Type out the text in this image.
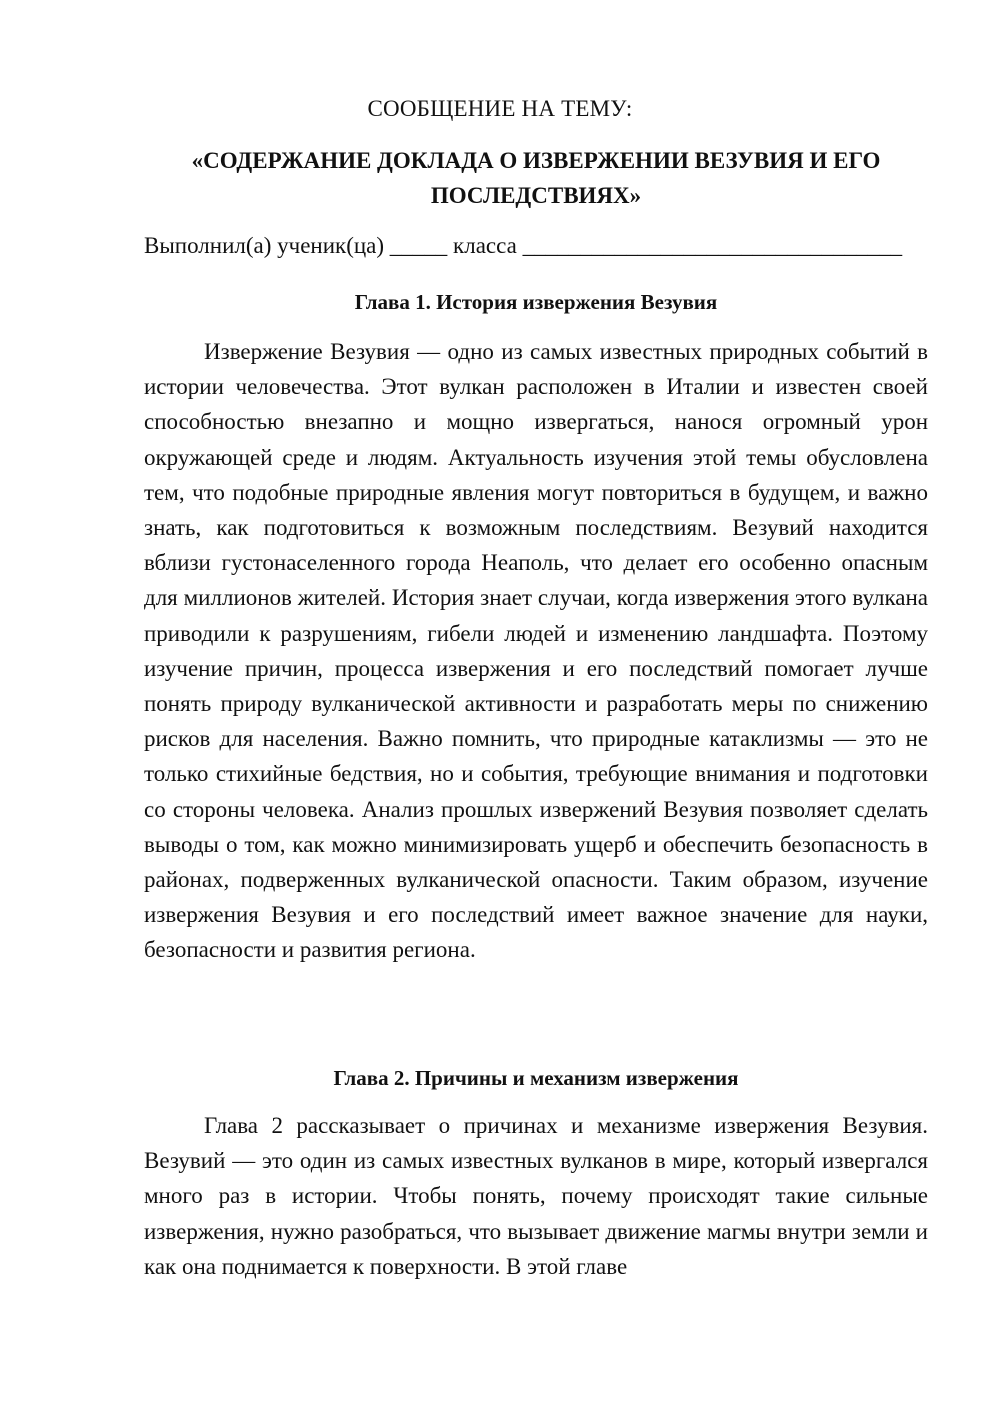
СООБЩЕНИЕ НА ТЕМУ:
«СОДЕРЖАНИЕ ДОКЛАДА О ИЗВЕРЖЕНИИ ВЕЗУВИЯ И ЕГО ПОСЛЕДСТВИЯХ»
Выполнил(а) ученик(ца) _____ класса _________________________________
Глава 1. История извержения Везувия

Извержение Везувия — одно из самых известных природных событий в истории человечества. Этот вулкан расположен в Италии и известен своей способностью внезапно и мощно извергаться, нанося огромный урон окружающей среде и людям. Актуальность изучения этой темы обусловлена тем, что подобные природные явления могут повториться в будущем, и важно знать, как подготовиться к возможным последствиям. Везувий находится вблизи густонаселенного города Неаполь, что делает его особенно опасным для миллионов жителей. История знает случаи, когда извержения этого вулкана приводили к разрушениям, гибели людей и изменению ландшафта. Поэтому изучение причин, процесса извержения и его последствий помогает лучше понять природу вулканической активности и разработать меры по снижению рисков для населения. Важно помнить, что природные катаклизмы — это не только стихийные бедствия, но и события, требующие внимания и подготовки со стороны человека. Анализ прошлых извержений Везувия позволяет сделать выводы о том, как можно минимизировать ущерб и обеспечить безопасность в районах, подверженных вулканической опасности. Таким образом, изучение извержения Везувия и его последствий имеет важное значение для науки, безопасности и развития региона.

Глава 2. Причины и механизм извержения

Глава 2 рассказывает о причинах и механизме извержения Везувия. Везувий — это один из самых известных вулканов в мире, который извергался много раз в истории. Чтобы понять, почему происходят такие сильные извержения, нужно разобраться, что вызывает движение магмы внутри земли и как она поднимается к поверхности. В этой главе
